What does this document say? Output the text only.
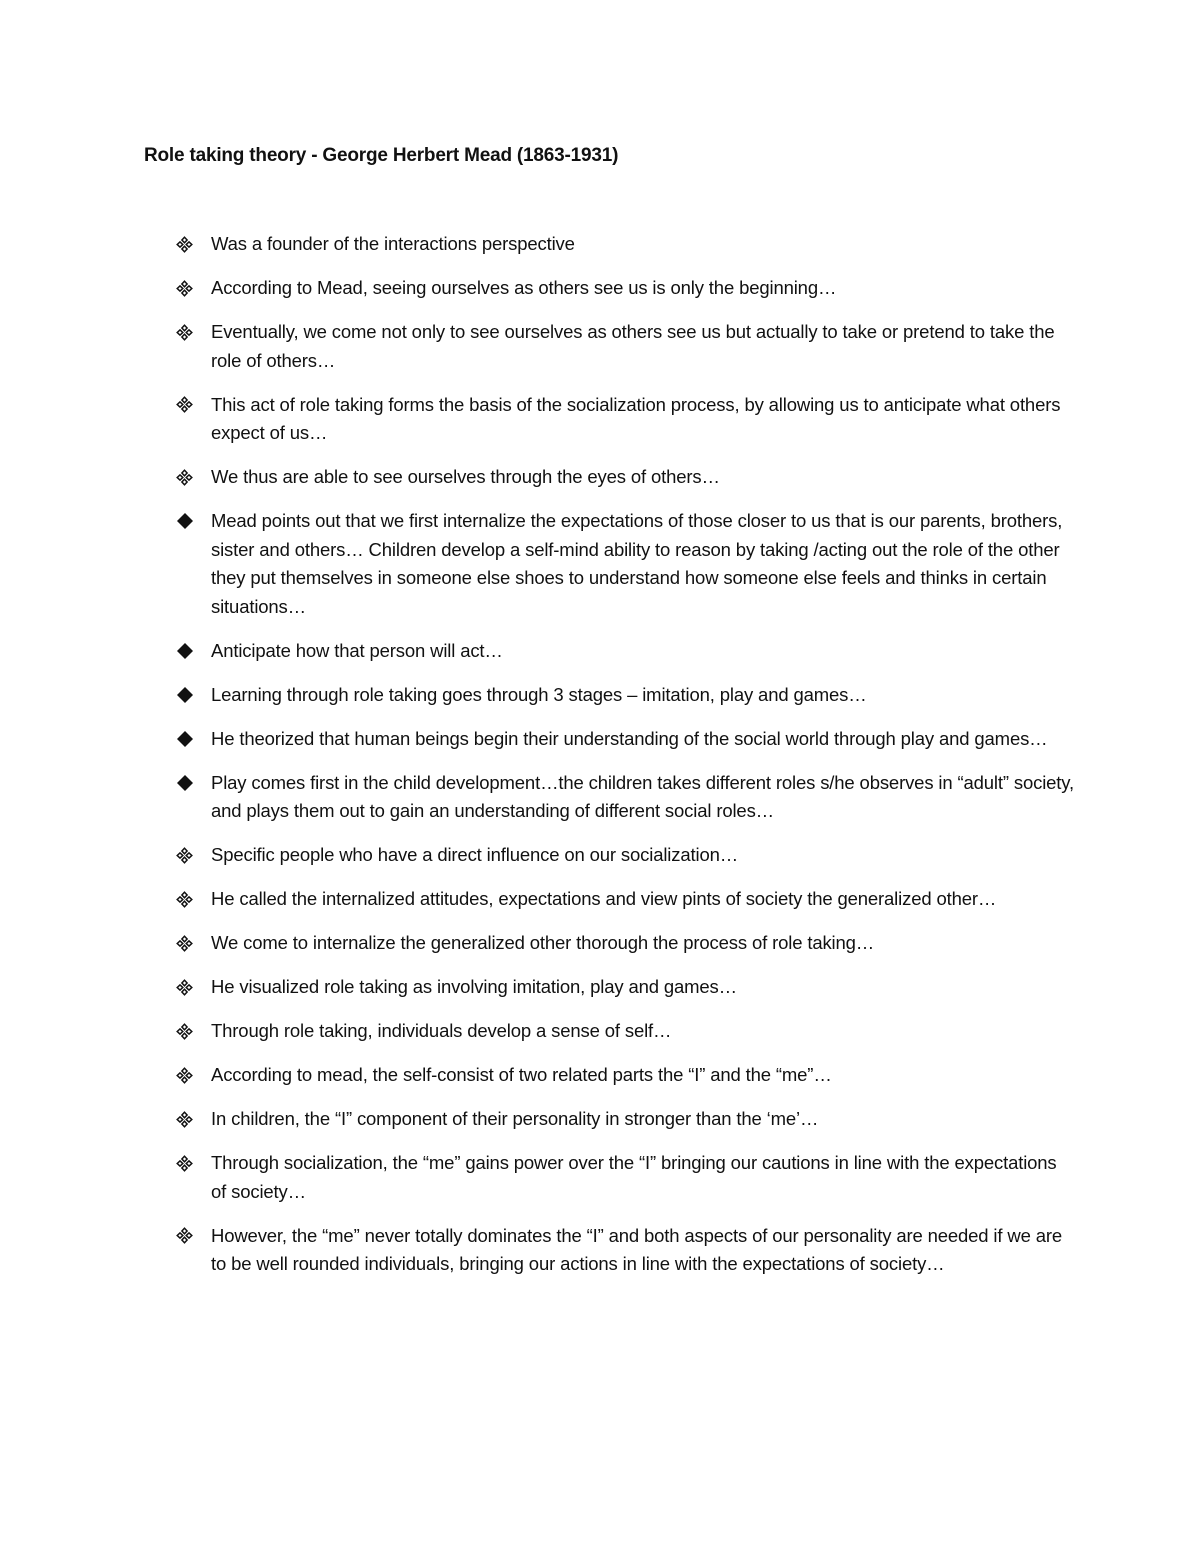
Role taking theory - George Herbert Mead (1863-1931)
Was a founder of the interactions perspective
According to Mead, seeing ourselves as others see us is only the beginning…
Eventually, we come not only to see ourselves as others see us but actually to take or pretend to take the role of others…
This act of role taking forms the basis of the socialization process, by allowing us to anticipate what others expect of us…
We thus are able to see ourselves through the eyes of others…
Mead points out that we first internalize the expectations of those closer to us that is our parents, brothers, sister and others… Children develop a self-mind ability to reason by taking /acting out the role of the other they put themselves in someone else shoes to understand how someone else feels and thinks in certain situations…
Anticipate how that person will act…
Learning through role taking goes through 3 stages – imitation, play and games…
He theorized that human beings begin their understanding of the social world through play and games…
Play comes first in the child development…the children takes different roles s/he observes in “adult” society, and plays them out to gain an understanding of different social roles…
Specific people who have a direct influence on our socialization…
He called the internalized attitudes, expectations and view pints of society the generalized other…
We come to internalize the generalized other thorough the process of role taking…
He visualized role taking as involving imitation, play and games…
Through role taking, individuals develop a sense of self…
According to mead, the self-consist of two related parts the “I” and the “me”…
In children, the “I” component of their personality in stronger than the ‘me’…
Through socialization, the “me” gains power over the “I” bringing our cautions in line with the expectations of society…
However, the “me” never totally dominates the “I” and both aspects of our personality are needed if we are to be well rounded individuals, bringing our actions in line with the expectations of society…
